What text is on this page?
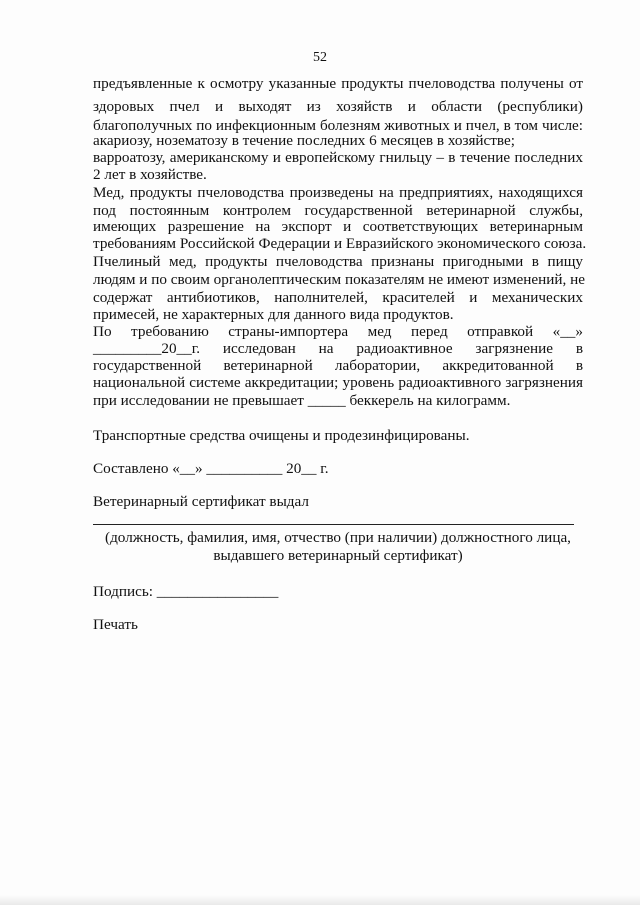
52
предъявленные к осмотру указанные продукты пчеловодства получены от
здоровых пчел и выходят из хозяйств и области (республики)
благополучных по инфекционным болезням животных и пчел, в том числе:
акариозу, нозематозу в течение последних 6 месяцев в хозяйстве;
варроатозу, американскому и европейскому гнильцу – в течение последних
2 лет в хозяйстве.
Мед, продукты пчеловодства произведены на предприятиях, находящихся
под постоянным контролем государственной ветеринарной службы,
имеющих разрешение на экспорт и соответствующих ветеринарным
требованиям Российской Федерации и Евразийского экономического союза.
Пчелиный мед, продукты пчеловодства признаны пригодными в пищу
людям и по своим органолептическим показателям не имеют изменений, не
содержат антибиотиков, наполнителей, красителей и механических
примесей, не характерных для данного вида продуктов.
По требованию страны-импортера мед перед отправкой «__»
_________20__г. исследован на радиоактивное загрязнение в
государственной ветеринарной лаборатории, аккредитованной в
национальной системе аккредитации; уровень радиоактивного загрязнения
при исследовании не превышает _____ беккерель на килограмм.
Транспортные средства очищены и продезинфицированы.
Составлено «__» __________ 20__ г.
Ветеринарный сертификат выдал
(должность, фамилия, имя, отчество (при наличии) должностного лица,
выдавшего ветеринарный сертификат)
Подпись: ________________
Печать
